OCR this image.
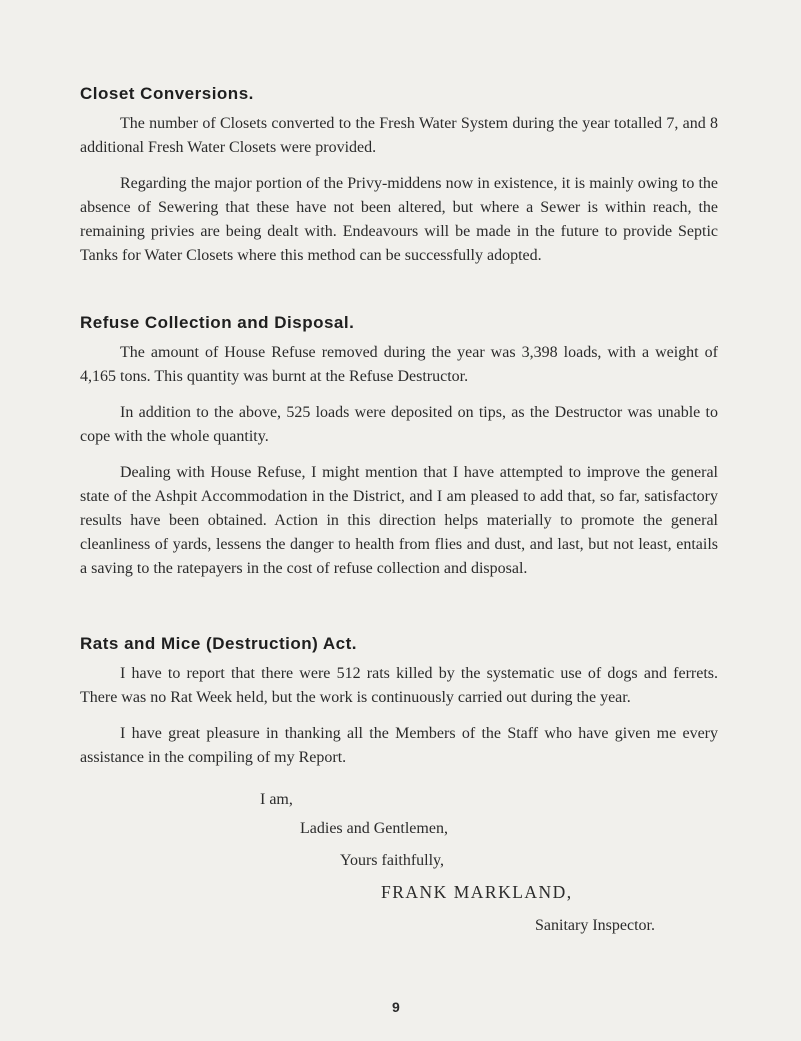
Closet Conversions.

The number of Closets converted to the Fresh Water System during the year totalled 7, and 8 additional Fresh Water Closets were provided.

Regarding the major portion of the Privy-middens now in existence, it is mainly owing to the absence of Sewering that these have not been altered, but where a Sewer is within reach, the remaining privies are being dealt with. Endeavours will be made in the future to provide Septic Tanks for Water Closets where this method can be successfully adopted.

Refuse Collection and Disposal.

The amount of House Refuse removed during the year was 3,398 loads, with a weight of 4,165 tons. This quantity was burnt at the Refuse Destructor.

In addition to the above, 525 loads were deposited on tips, as the Destructor was unable to cope with the whole quantity.

Dealing with House Refuse, I might mention that I have attempted to improve the general state of the Ashpit Accommodation in the District, and I am pleased to add that, so far, satisfactory results have been obtained. Action in this direction helps materially to promote the general cleanliness of yards, lessens the danger to health from flies and dust, and last, but not least, entails a saving to the ratepayers in the cost of refuse collection and disposal.

Rats and Mice (Destruction) Act.

I have to report that there were 512 rats killed by the systematic use of dogs and ferrets. There was no Rat Week held, but the work is continuously carried out during the year.

I have great pleasure in thanking all the Members of the Staff who have given me every assistance in the compiling of my Report.

I am,

Ladies and Gentlemen,

Yours faithfully,

FRANK MARKLAND,

Sanitary Inspector.

9
